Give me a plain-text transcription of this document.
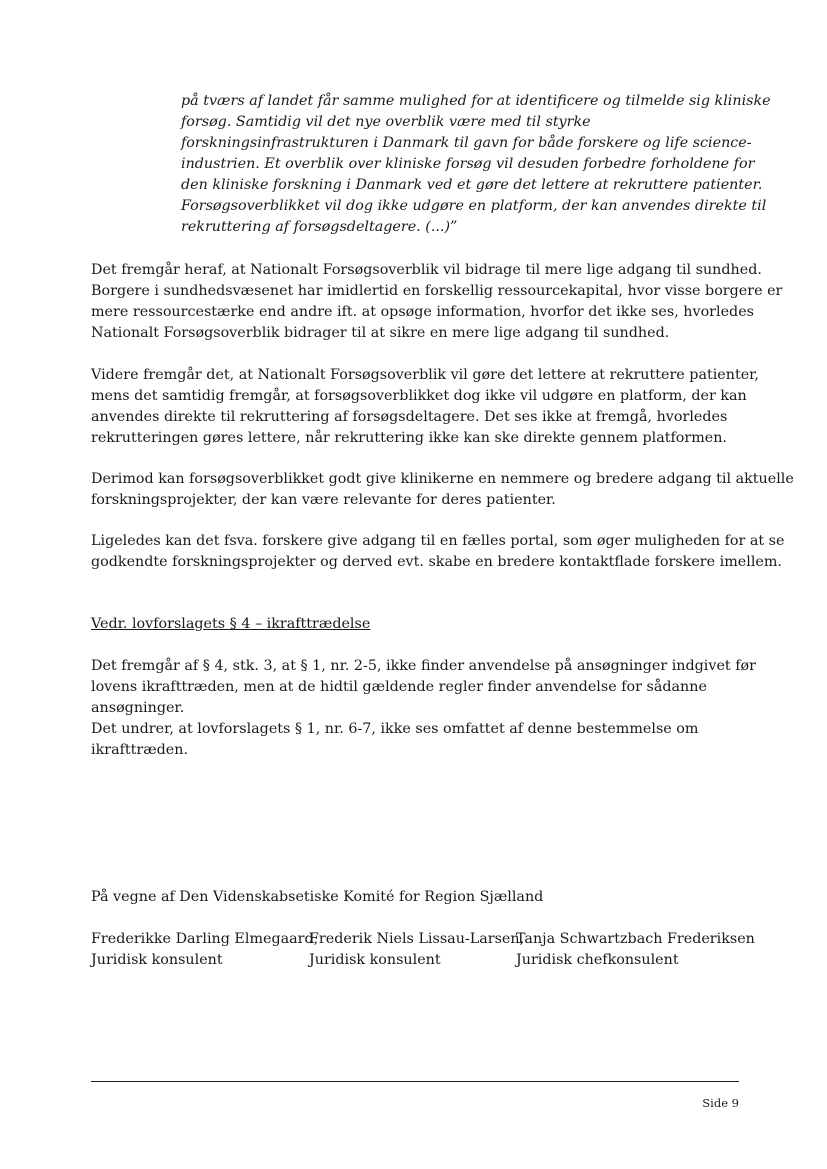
på tværs af landet får samme mulighed for at identificere og tilmelde sig kliniske
forsøg. Samtidig vil det nye overblik være med til styrke
forskningsinfrastrukturen i Danmark til gavn for både forskere og life science-
industrien. Et overblik over kliniske forsøg vil desuden forbedre forholdene for
den kliniske forskning i Danmark ved et gøre det lettere at rekruttere patienter.
Forsøgsoverblikket vil dog ikke udgøre en platform, der kan anvendes direkte til
rekruttering af forsøgsdeltagere. (...)”
Det fremgår heraf, at Nationalt Forsøgsoverblik vil bidrage til mere lige adgang til sundhed.
Borgere i sundhedsvæsenet har imidlertid en forskellig ressourcekapital, hvor visse borgere er
mere ressourcestærke end andre ift. at opsøge information, hvorfor det ikke ses, hvorledes
Nationalt Forsøgsoverblik bidrager til at sikre en mere lige adgang til sundhed.
Videre fremgår det, at Nationalt Forsøgsoverblik vil gøre det lettere at rekruttere patienter,
mens det samtidig fremgår, at forsøgsoverblikket dog ikke vil udgøre en platform, der kan
anvendes direkte til rekruttering af forsøgsdeltagere. Det ses ikke at fremgå, hvorledes
rekrutteringen gøres lettere, når rekruttering ikke kan ske direkte gennem platformen.
Derimod kan forsøgsoverblikket godt give klinikerne en nemmere og bredere adgang til aktuelle
forskningsprojekter, der kan være relevante for deres patienter.
Ligeledes kan det fsva. forskere give adgang til en fælles portal, som øger muligheden for at se
godkendte forskningsprojekter og derved evt. skabe en bredere kontaktflade forskere imellem.
Vedr. lovforslagets § 4 – ikrafttrædelse
Det fremgår af § 4, stk. 3, at § 1, nr. 2-5, ikke finder anvendelse på ansøgninger indgivet før
lovens ikrafttræden, men at de hidtil gældende regler finder anvendelse for sådanne
ansøgninger.
Det undrer, at lovforslagets § 1, nr. 6-7, ikke ses omfattet af denne bestemmelse om
ikrafttræden.
På vegne af Den Videnskabsetiske Komité for Region Sjælland
Frederikke Darling Elmegaard,
Juridisk konsulent
Frederik Niels Lissau-Larsen,
Juridisk konsulent
Tanja Schwartzbach Frederiksen
Juridisk chefkonsulent
Side 9
